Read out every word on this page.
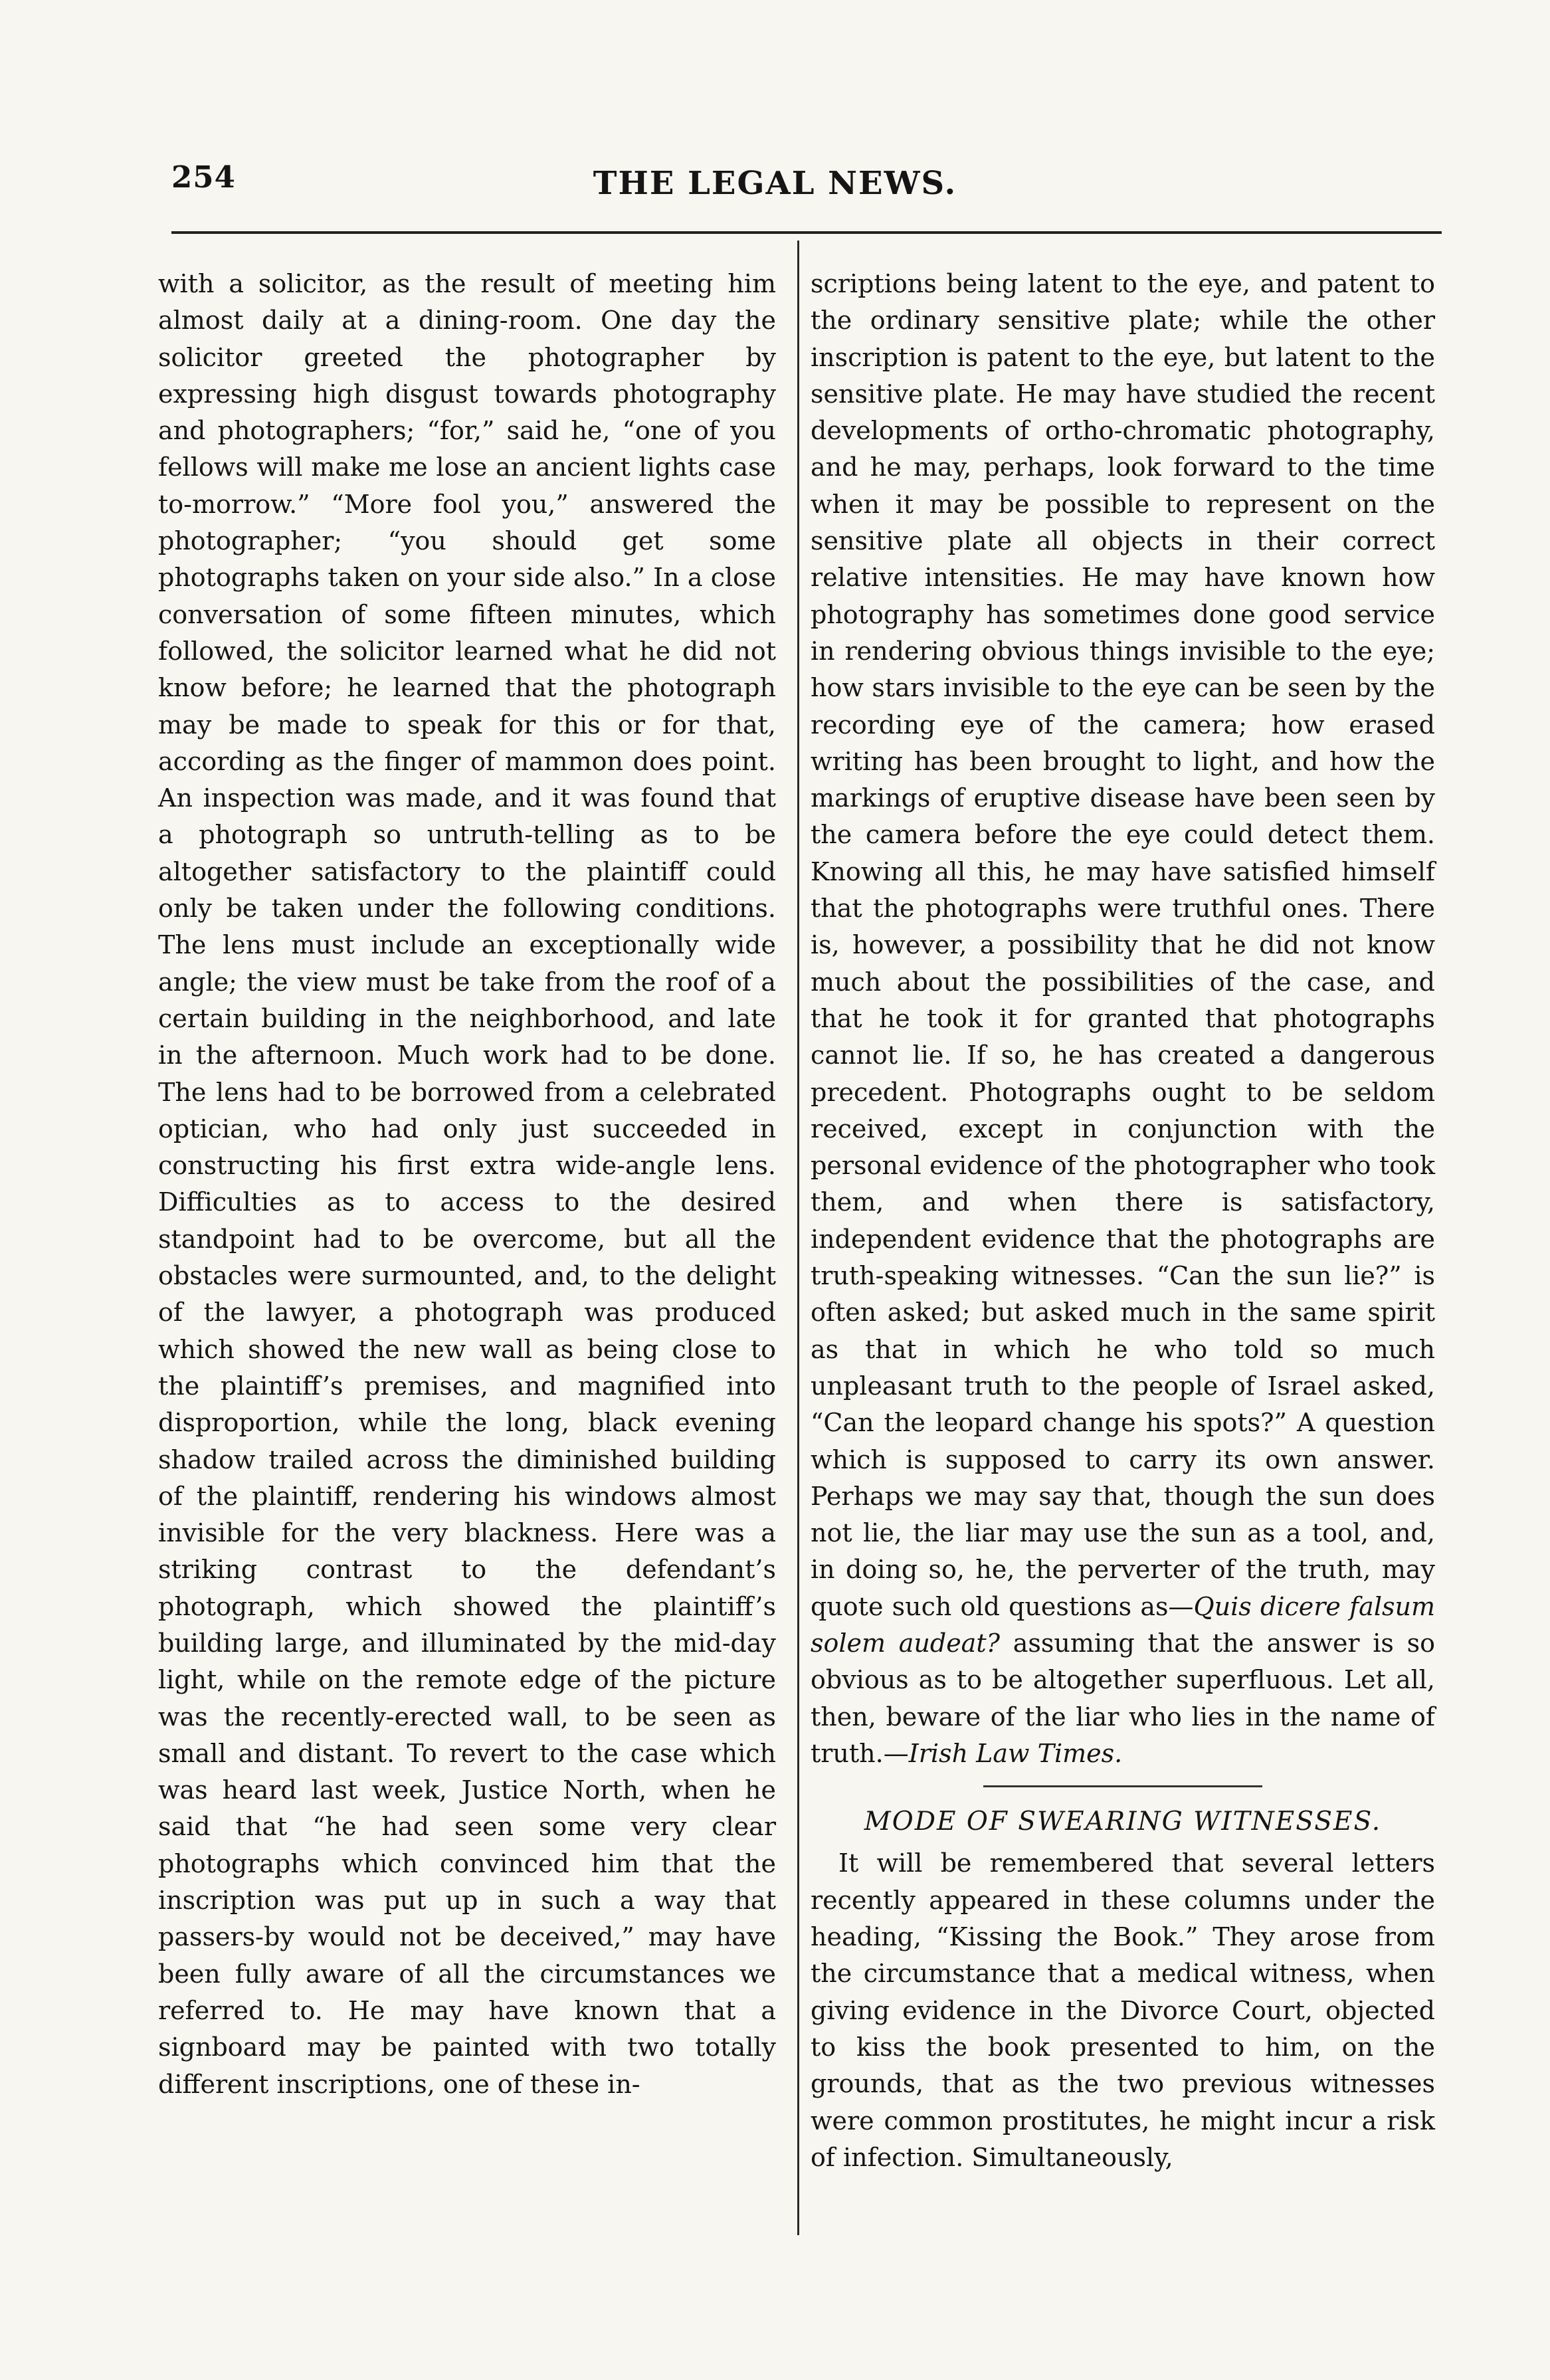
254	THE LEGAL NEWS.

with a solicitor, as the result of meeting him almost daily at a dining-room. One day the solicitor greeted the photographer by expressing high disgust towards photography and photographers; “for,” said he, “one of you fellows will make me lose an ancient lights case to-morrow.” “More fool you,” answered the photographer; “you should get some photographs taken on your side also.” In a close conversation of some fifteen minutes, which followed, the solicitor learned what he did not know before; he learned that the photograph may be made to speak for this or for that, according as the finger of mammon does point. An inspection was made, and it was found that a photograph so untruth-telling as to be altogether satisfactory to the plaintiff could only be taken under the following conditions. The lens must include an exceptionally wide angle; the view must be take from the roof of a certain building in the neighborhood, and late in the afternoon. Much work had to be done. The lens had to be borrowed from a celebrated optician, who had only just succeeded in constructing his first extra wide-angle lens. Difficulties as to access to the desired standpoint had to be overcome, but all the obstacles were surmounted, and, to the delight of the lawyer, a photograph was produced which showed the new wall as being close to the plaintiff’s premises, and magnified into disproportion, while the long, black evening shadow trailed across the diminished building of the plaintiff, rendering his windows almost invisible for the very blackness. Here was a striking contrast to the defendant’s photograph, which showed the plaintiff’s building large, and illuminated by the mid-day light, while on the remote edge of the picture was the recently-erected wall, to be seen as small and distant. To revert to the case which was heard last week, Justice North, when he said that “he had seen some very clear photographs which convinced him that the inscription was put up in such a way that passers-by would not be deceived,” may have been fully aware of all the circumstances we referred to. He may have known that a signboard may be painted with two totally different inscriptions, one of these in-

scriptions being latent to the eye, and patent to the ordinary sensitive plate; while the other inscription is patent to the eye, but latent to the sensitive plate. He may have studied the recent developments of ortho-chromatic photography, and he may, perhaps, look forward to the time when it may be possible to represent on the sensitive plate all objects in their correct relative intensities. He may have known how photography has sometimes done good service in rendering obvious things invisible to the eye; how stars invisible to the eye can be seen by the recording eye of the camera; how erased writing has been brought to light, and how the markings of eruptive disease have been seen by the camera before the eye could detect them. Knowing all this, he may have satisfied himself that the photographs were truthful ones. There is, however, a possibility that he did not know much about the possibilities of the case, and that he took it for granted that photographs cannot lie. If so, he has created a dangerous precedent. Photographs ought to be seldom received, except in conjunction with the personal evidence of the photographer who took them, and when there is satisfactory, independent evidence that the photographs are truth-speaking witnesses. “Can the sun lie?” is often asked; but asked much in the same spirit as that in which he who told so much unpleasant truth to the people of Israel asked, “Can the leopard change his spots?” A question which is supposed to carry its own answer. Perhaps we may say that, though the sun does not lie, the liar may use the sun as a tool, and, in doing so, he, the perverter of the truth, may quote such old questions as—Quis dicere falsum solem audeat? assuming that the answer is so obvious as to be altogether superfluous. Let all, then, beware of the liar who lies in the name of truth.—Irish Law Times.

MODE OF SWEARING WITNESSES.

It will be remembered that several letters recently appeared in these columns under the heading, “Kissing the Book.” They arose from the circumstance that a medical witness, when giving evidence in the Divorce Court, objected to kiss the book presented to him, on the grounds, that as the two previous witnesses were common prostitutes, he might incur a risk of infection. Simultaneously,
